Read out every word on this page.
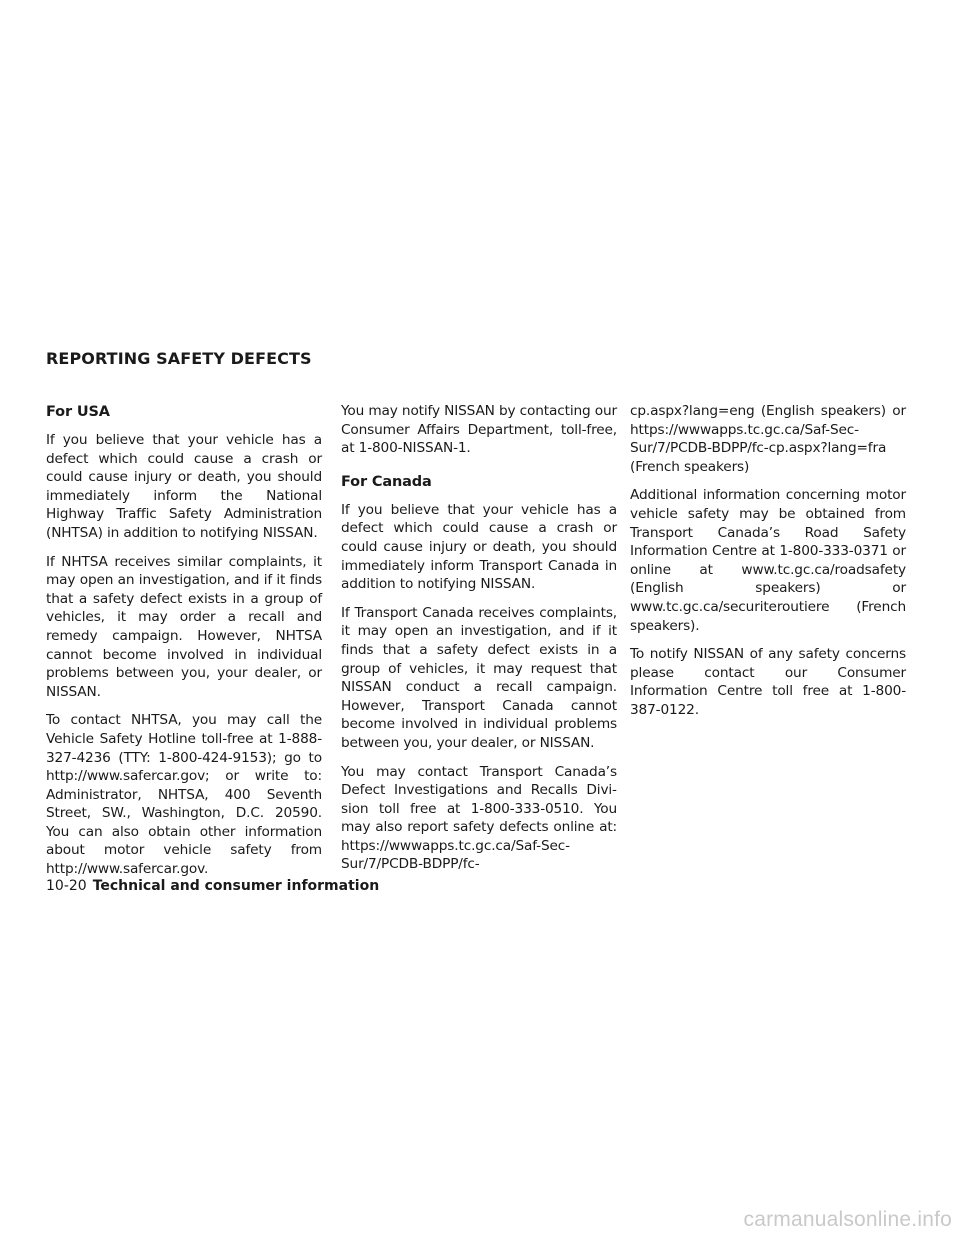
REPORTING SAFETY DEFECTS
For USA

If you believe that your vehicle has a defect which could cause a crash or could cause injury or death, you should immediately inform the National Highway Traffic Safety Administration (NHTSA) in addition to notifying NISSAN.

If NHTSA receives similar complaints, it may open an investigation, and if it finds that a safety defect exists in a group of vehicles, it may order a recall and remedy campaign. However, NHTSA cannot become involved in individual problems between you, your dealer, or NISSAN.

To contact NHTSA, you may call the Vehicle Safety Hotline toll-free at 1-888-327-4236 (TTY: 1-800-424-9153); go to http://www.safercar.gov; or write to: Administrator, NHTSA, 400 Seventh Street, SW., Washington, D.C. 20590. You can also obtain other information about motor vehicle safety from http://www.safercar.gov.

You may notify NISSAN by contacting our Consumer Affairs Department, toll-free, at 1-800-NISSAN-1.

For Canada

If you believe that your vehicle has a defect which could cause a crash or could cause injury or death, you should immediately inform Transport Canada in addition to notifying NISSAN.

If Transport Canada receives complaints, it may open an investigation, and if it finds that a safety defect exists in a group of vehicles, it may request that NISSAN conduct a recall campaign. However, Transport Canada cannot become involved in individual problems between you, your dealer, or NISSAN.

You may contact Transport Canada’s Defect Investigations and Recalls Division toll free at 1-800-333-0510. You may also report safety defects online at: https://wwwapps.tc.gc.ca/Saf-Sec-Sur/7/PCDB-BDPP/fc-

cp.aspx?lang=eng (English speakers) or https://wwwapps.tc.gc.ca/Saf-Sec-Sur/7/PCDB-BDPP/fc-cp.aspx?lang=fra (French speakers)

Additional information concerning motor vehicle safety may be obtained from Transport Canada’s Road Safety Information Centre at 1-800-333-0371 or online at www.tc.gc.ca/roadsafety (English speakers) or www.tc.gc.ca/securiteroutiere (French speakers).

To notify NISSAN of any safety concerns please contact our Consumer Information Centre toll free at 1-800-387-0122.

10-20 Technical and consumer information
carmanualsonline.info
